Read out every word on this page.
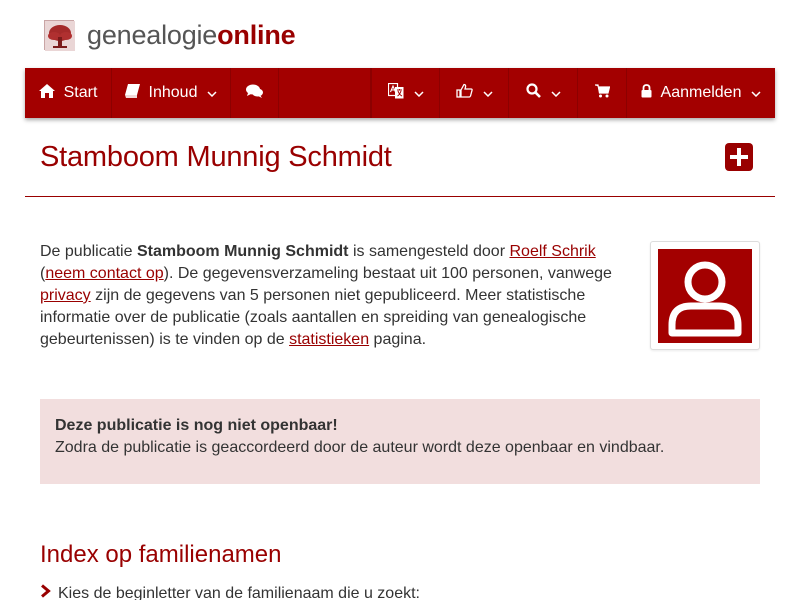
genealogieonline
Start	Inhoud	Aanmelden
Stamboom Munnig Schmidt

De publicatie Stamboom Munnig Schmidt is samengesteld door Roelf Schrik (neem contact op). De gegevensverzameling bestaat uit 100 personen, vanwege privacy zijn de gegevens van 5 personen niet gepubliceerd. Meer statistische informatie over de publicatie (zoals aantallen en spreiding van genealogische gebeurtenissen) is te vinden op de statistieken pagina.

Deze publicatie is nog niet openbaar!
Zodra de publicatie is geaccordeerd door de auteur wordt deze openbaar en vindbaar.
Index op familienamen
Kies de beginletter van de familienaam die u zoekt:
